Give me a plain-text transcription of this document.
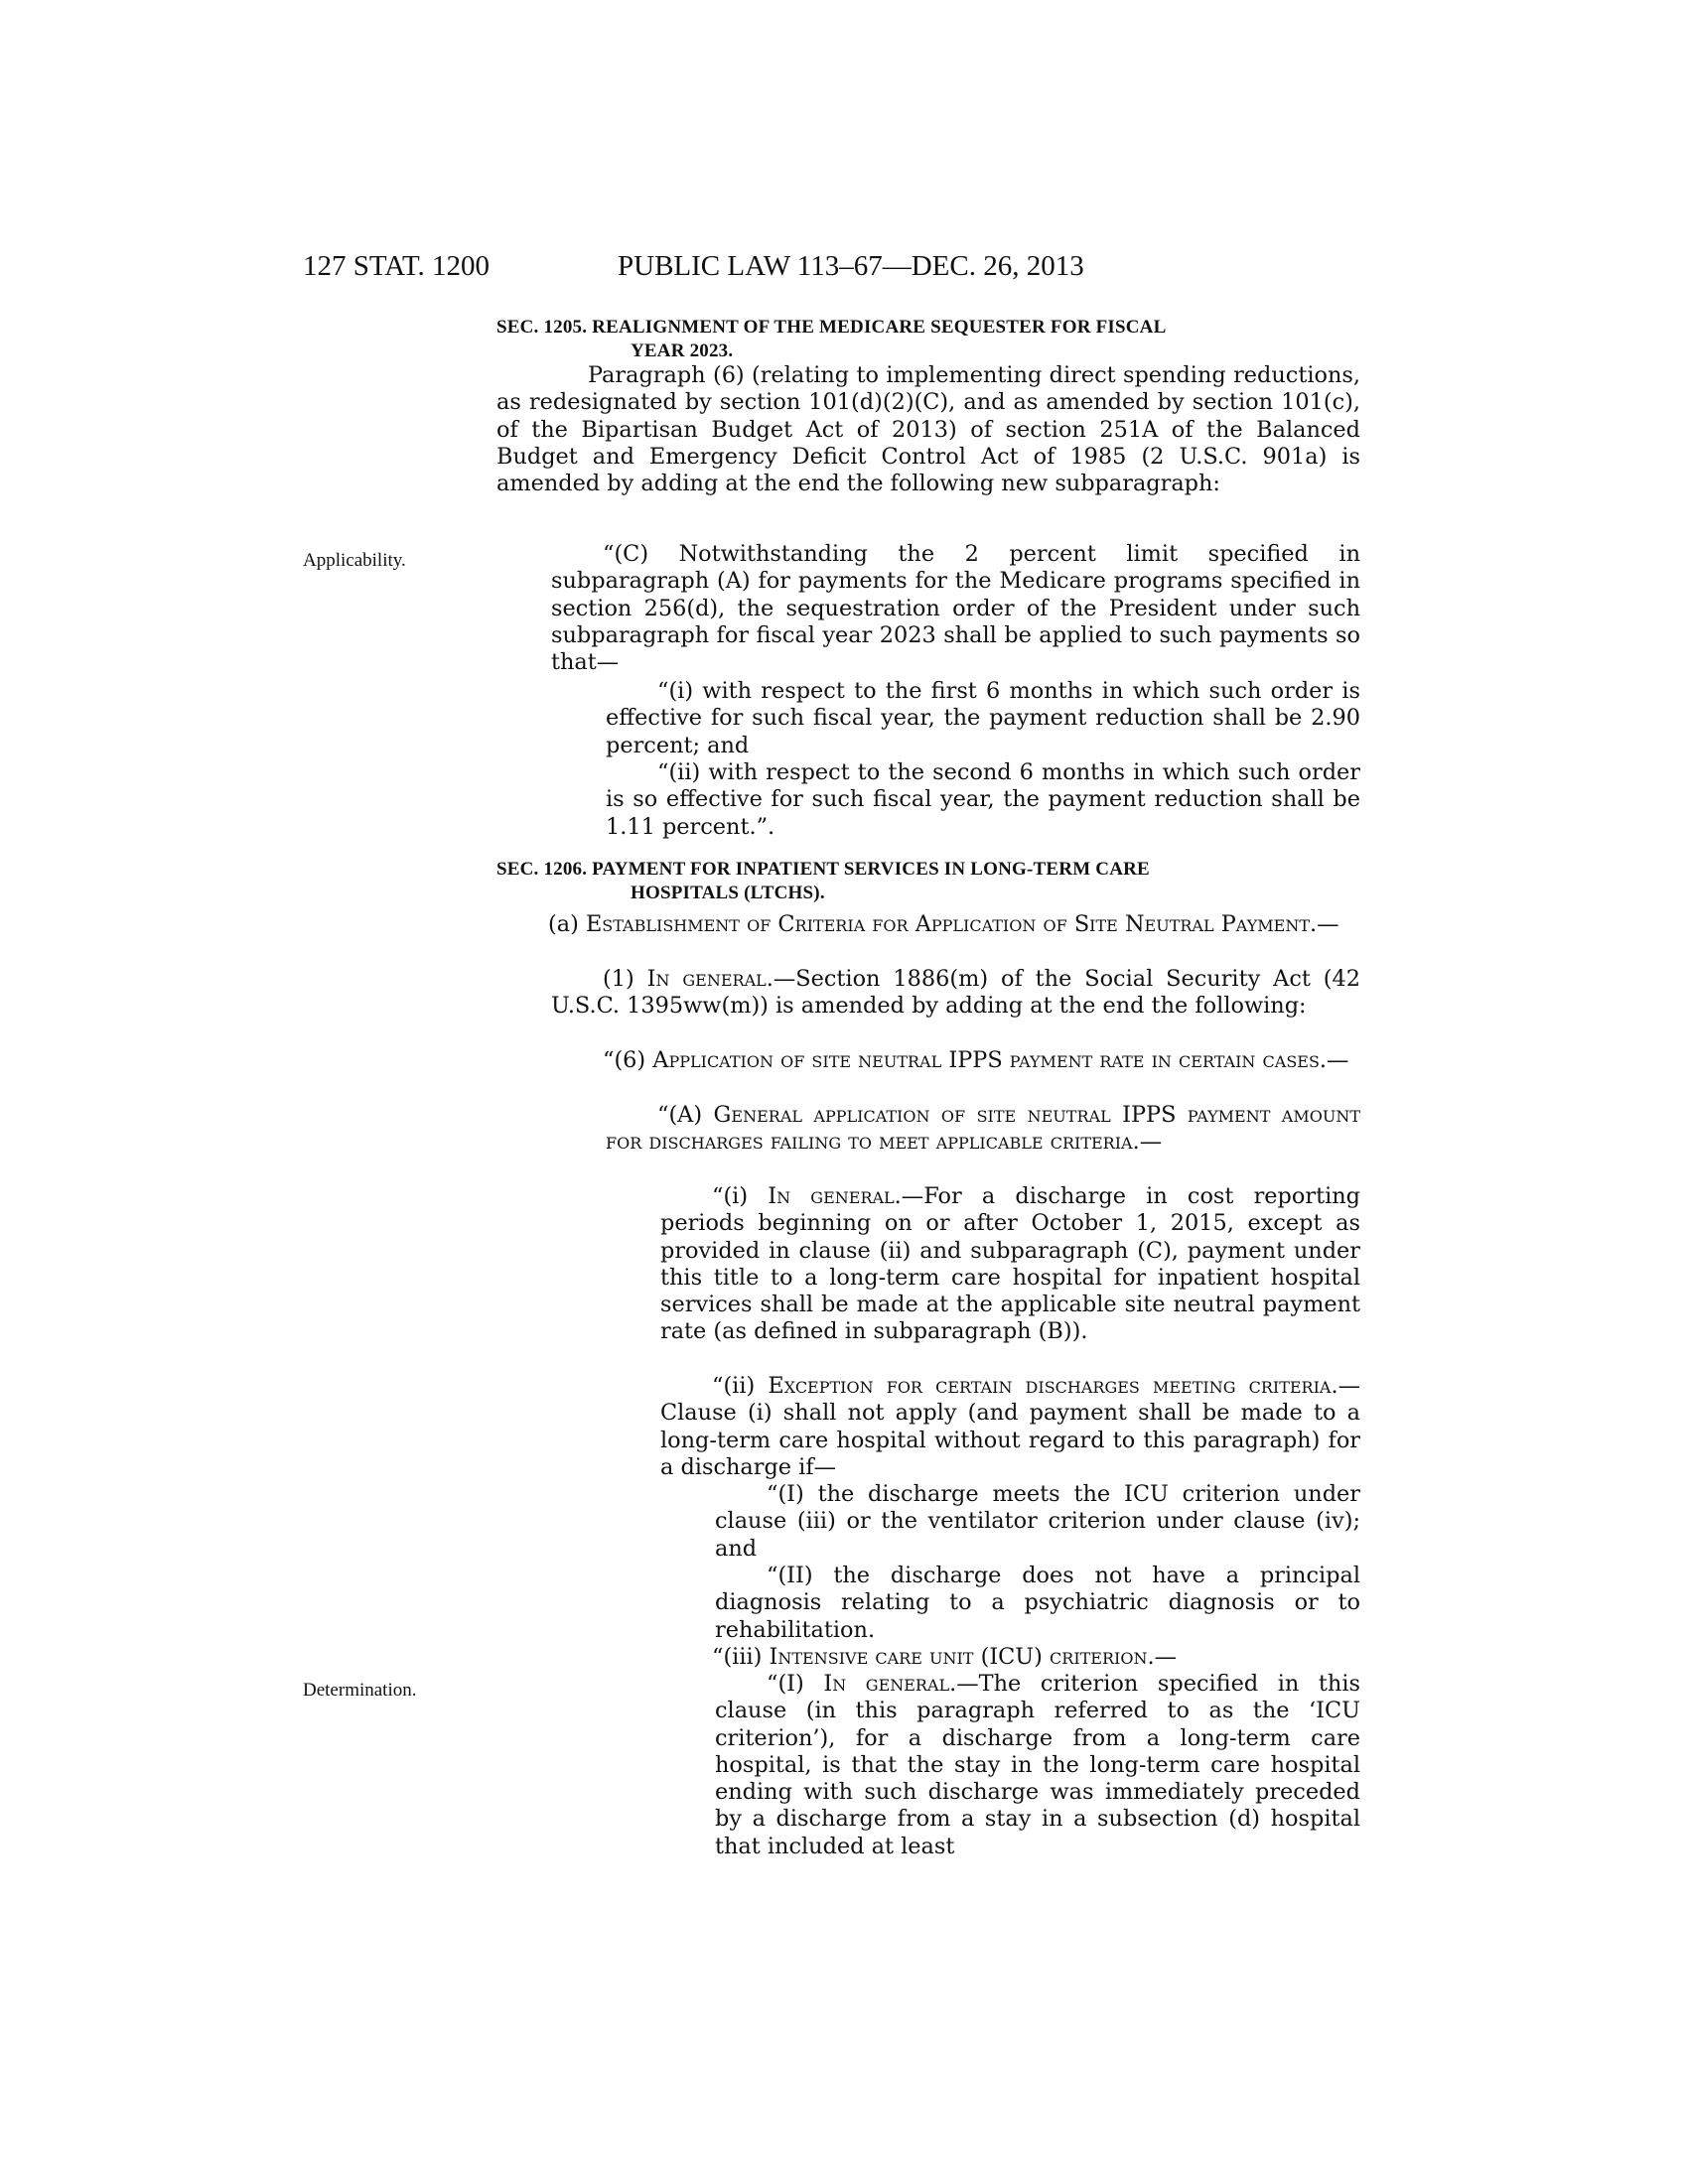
127 STAT. 1200	PUBLIC LAW 113–67—DEC. 26, 2013
SEC. 1205. REALIGNMENT OF THE MEDICARE SEQUESTER FOR FISCAL
YEAR 2023.

Paragraph (6) (relating to implementing direct spending reductions, as redesignated by section 101(d)(2)(C), and as amended by section 101(c), of the Bipartisan Budget Act of 2013) of section 251A of the Balanced Budget and Emergency Deficit Control Act of 1985 (2 U.S.C. 901a) is amended by adding at the end the following new subparagraph:

Applicability.	“(C) Notwithstanding the 2 percent limit specified in subparagraph (A) for payments for the Medicare programs specified in section 256(d), the sequestration order of the President under such subparagraph for fiscal year 2023 shall be applied to such payments so that—

“(i) with respect to the first 6 months in which such order is effective for such fiscal year, the payment reduction shall be 2.90 percent; and

“(ii) with respect to the second 6 months in which such order is so effective for such fiscal year, the payment reduction shall be 1.11 percent.”.

SEC. 1206. PAYMENT FOR INPATIENT SERVICES IN LONG-TERM CARE
HOSPITALS (LTCHS).

(a) Establishment of Criteria for Application of Site Neutral Payment.—

(1) In general.—Section 1886(m) of the Social Security Act (42 U.S.C. 1395ww(m)) is amended by adding at the end the following:

“(6) Application of site neutral IPPS payment rate in certain cases.—

“(A) General application of site neutral IPPS payment amount for discharges failing to meet applicable criteria.—

“(i) In general.—For a discharge in cost reporting periods beginning on or after October 1, 2015, except as provided in clause (ii) and subparagraph (C), payment under this title to a long-term care hospital for inpatient hospital services shall be made at the applicable site neutral payment rate (as defined in subparagraph (B)).

“(ii) Exception for certain discharges meeting criteria.—Clause (i) shall not apply (and payment shall be made to a long-term care hospital without regard to this paragraph) for a discharge if—

“(I) the discharge meets the ICU criterion under clause (iii) or the ventilator criterion under clause (iv); and

“(II) the discharge does not have a principal diagnosis relating to a psychiatric diagnosis or to rehabilitation.

“(iii) Intensive care unit (ICU) criterion.—

Determination.	“(I) In general.—The criterion specified in this clause (in this paragraph referred to as the ‘ICU criterion’), for a discharge from a long-term care hospital, is that the stay in the long-term care hospital ending with such discharge was immediately preceded by a discharge from a stay in a subsection (d) hospital that included at least
